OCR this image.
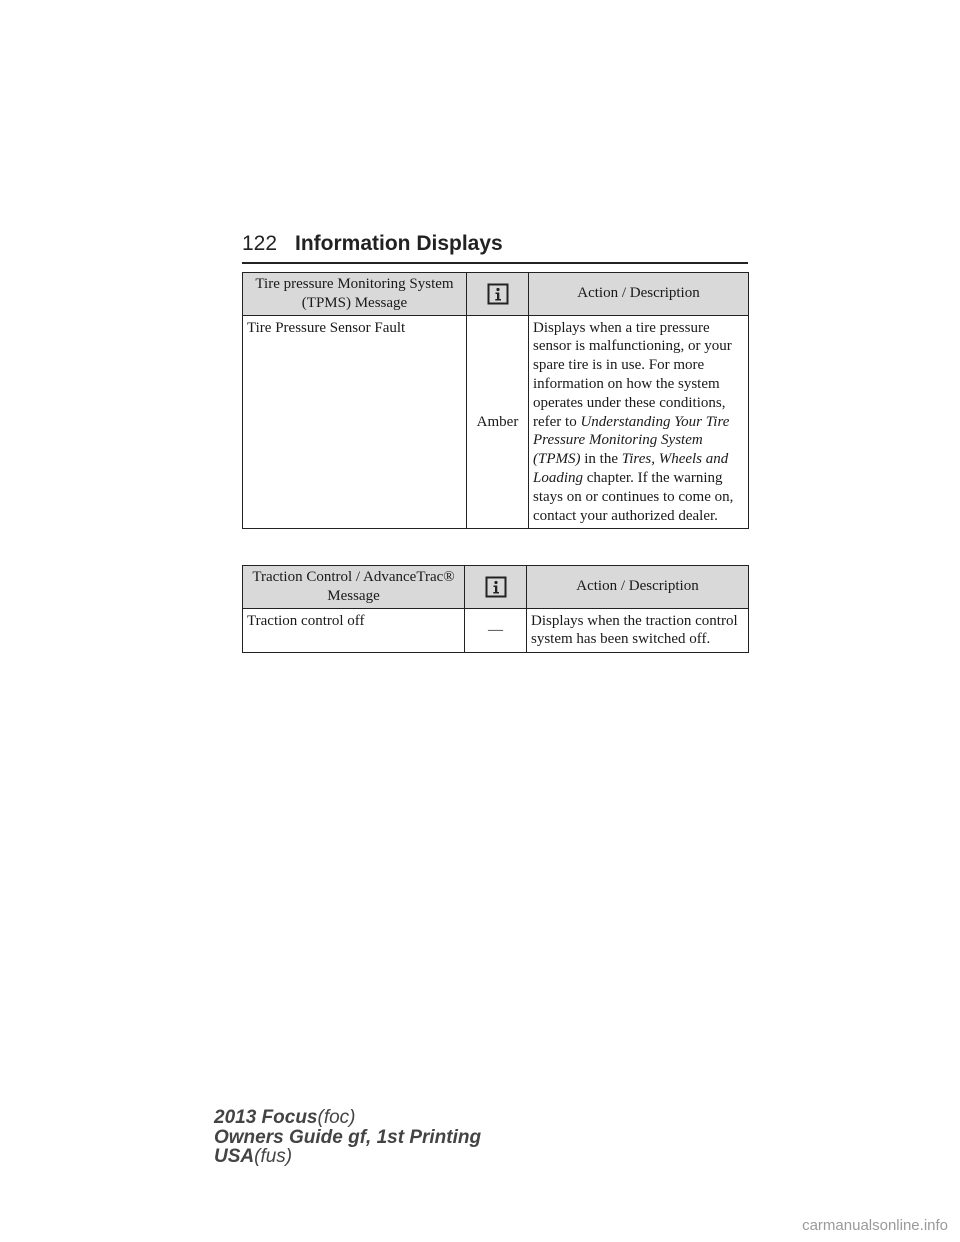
122 Information Displays
Tire pressure Monitoring System (TPMS) Message		Action / Description
Tire Pressure Sensor Fault	Amber	Displays when a tire pressure sensor is malfunctioning, or your spare tire is in use. For more information on how the system operates under these conditions, refer to Understanding Your Tire Pressure Monitoring System (TPMS) in the Tires, Wheels and Loading chapter. If the warning stays on or continues to come on, contact your authorized dealer.
Traction Control / AdvanceTrac® Message		Action / Description
Traction control off	—	Displays when the traction control system has been switched off.
2013 Focus(foc)
Owners Guide gf, 1st Printing
USA(fus)
carmanualsonline.info
